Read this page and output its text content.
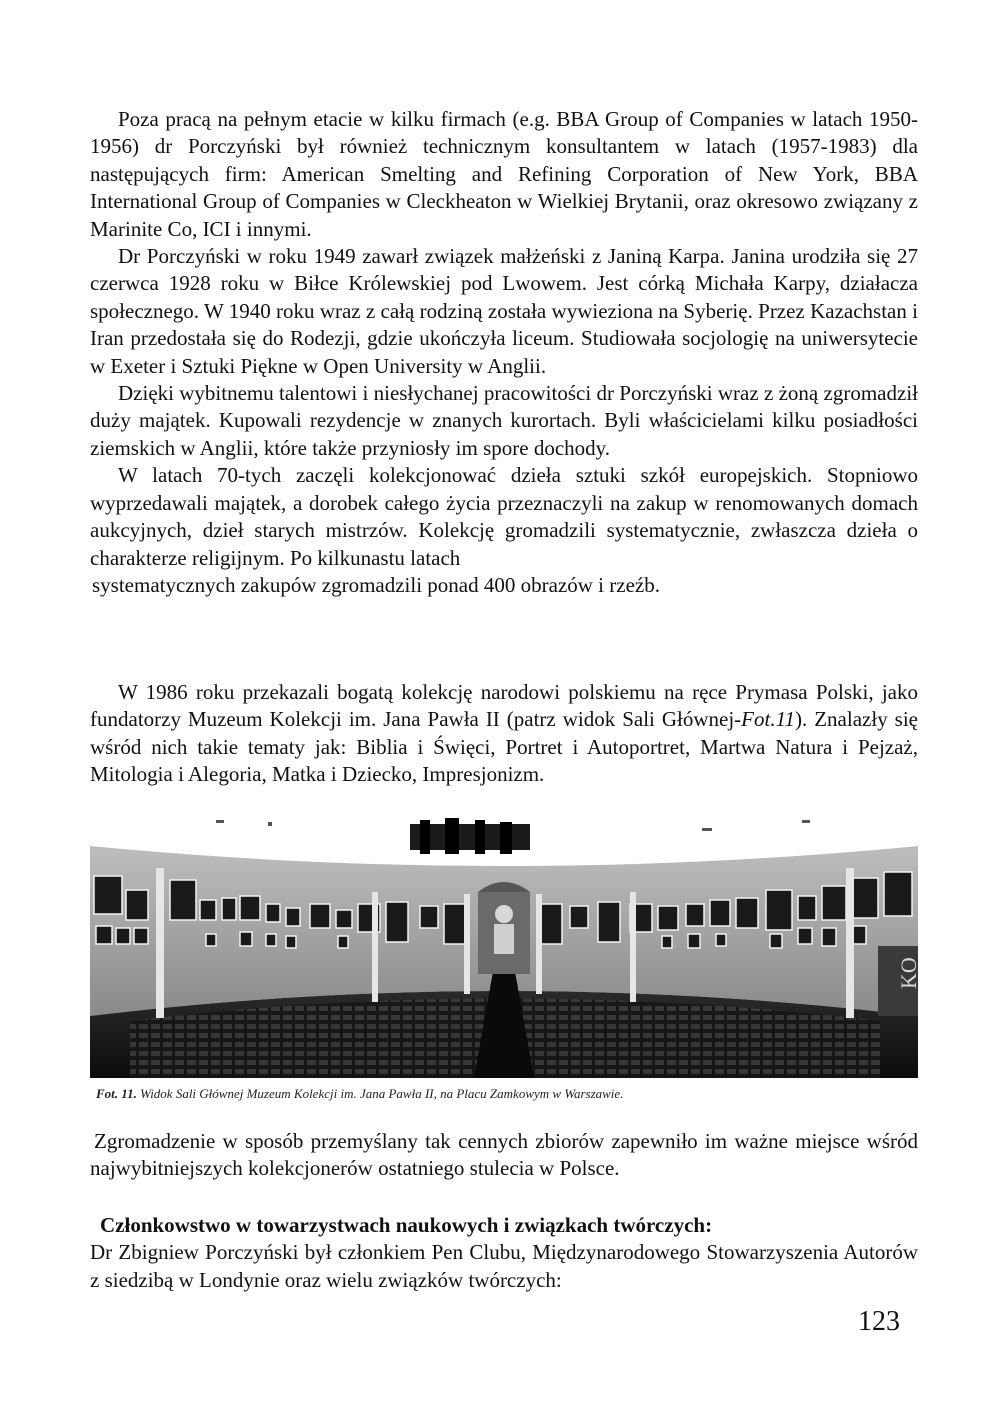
Poza pracą na pełnym etacie w kilku firmach (e.g. BBA Group of Companies w latach 1950-1956) dr Porczyński był również technicznym konsultantem w latach (1957-1983) dla następujących firm: American Smelting and Refining Corporation of New York, BBA International Group of Companies w Cleckheaton w Wielkiej Brytanii, oraz okresowo związany z Marinite Co, ICI i innymi.

Dr Porczyński w roku 1949 zawarł związek małżeński z Janiną Karpa. Janina urodziła się 27 czerwca 1928 roku w Biłce Królewskiej pod Lwowem. Jest córką Michała Karpy, działacza społecznego. W 1940 roku wraz z całą rodziną została wywieziona na Syberię. Przez Kazachstan i Iran przedostała się do Rodezji, gdzie ukończyła liceum. Studiowała socjologię na uniwersytecie w Exeter i Sztuki Piękne w Open University w Anglii.

Dzięki wybitnemu talentowi i niesłychanej pracowitości dr Porczyński wraz z żoną zgromadził duży majątek. Kupowali rezydencje w znanych kurortach. Byli właścicielami kilku posiadłości ziemskich w Anglii, które także przyniosły im spore dochody.

W latach 70-tych zaczęli kolekcjonować dzieła sztuki szkół europejskich. Stopniowo wyprzedawali majątek, a dorobek całego życia przeznaczyli na zakup w renomowanych domach aukcyjnych, dzieł starych mistrzów. Kolekcję gromadzili systematycznie, zwłaszcza dzieła o charakterze religijnym. Po kilkunastu latach

systematycznych zakupów zgromadzili ponad 400 obrazów i rzeźb.

W 1986 roku przekazali bogatą kolekcję narodowi polskiemu na ręce Prymasa Polski, jako fundatorzy Muzeum Kolekcji im. Jana Pawła II (patrz widok Sali Głównej-Fot.11). Znalazły się wśród nich takie tematy jak: Biblia i Święci, Portret i Autoportret, Martwa Natura i Pejzaż, Mitologia i Alegoria, Matka i Dziecko, Impresjonizm.

KO
Fot. 11. Widok Sali Głównej Muzeum Kolekcji im. Jana Pawła II, na Placu Zamkowym w Warszawie.

Zgromadzenie w sposób przemyślany tak cennych zbiorów zapewniło im ważne miejsce wśród najwybitniejszych kolekcjonerów ostatniego stulecia w Polsce.

Członkowstwo w towarzystwach naukowych i związkach twórczych:

Dr Zbigniew Porczyński był członkiem Pen Clubu, Międzynarodowego Stowarzyszenia Autorów z siedzibą w Londynie oraz wielu związków twórczych:

123
